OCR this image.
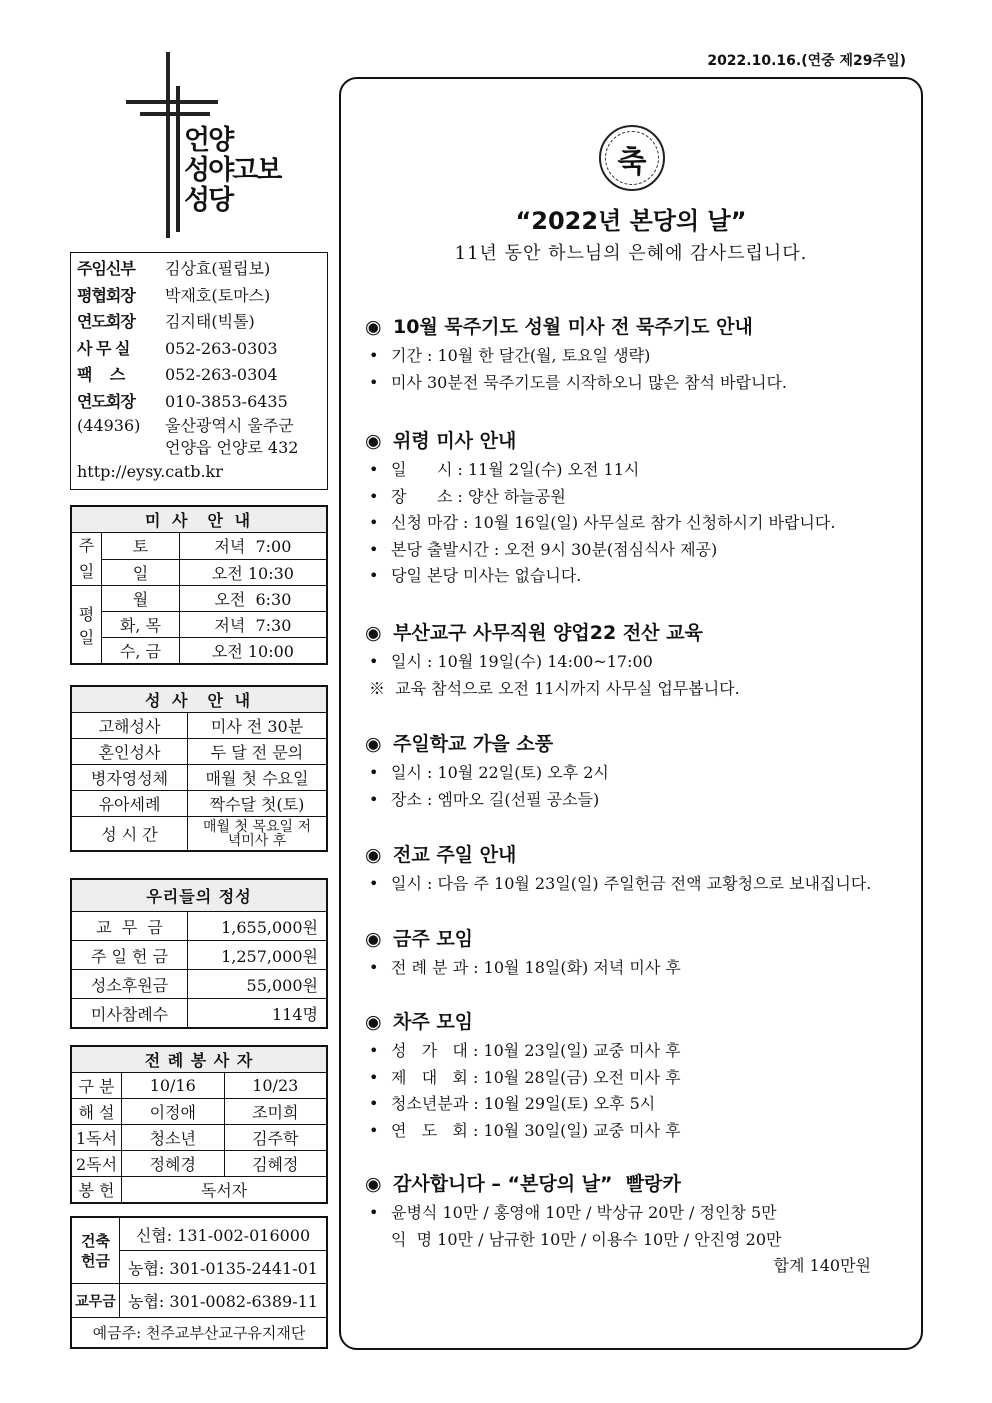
2022.10.16.(연중 제29주일)
언양
성야고보
성당
주임신부	김상효(필립보)
평협회장	박재호(토마스)
연도회장	김지태(빅톨)
사 무 실	052-263-0303
팩    스	052-263-0304
연도회장	010-3853-6435
(44936)	울산광역시 울주군
언양읍 언양로 432
http://eysy.catb.kr
미 사  안 내		
주일	토	저녁  7:00
	일	오전 10:30
평일	월	오전  6:30
	화, 목	저녁  7:30
	수, 금	오전 10:00
성 사  안 내	
고해성사	미사 전 30분
혼인성사	두 달 전 문의
병자영성체	매월 첫 수요일
유아세례	짝수달 첫(토)
성 시 간	매월 첫 목요일 저녁미사 후
우리들의 정성	
교  무  금	1,655,000원
주 일 헌 금	1,257,000원
성소후원금	55,000원
미사참례수	114명
전 례 봉 사 자		
구 분	10/16	10/23
해 설	이정애	조미희
1독서	청소년	김주학
2독서	정혜경	김혜정
봉 헌	독서자	
건축헌금	신협: 131-002-016000
	농협: 301-0135-2441-01
교무금	농협: 301-0082-6389-11
예금주: 천주교부산교구유지재단	
축
“2022년 본당의 날”
11년 동안 하느님의 은혜에 감사드립니다.
◉ 10월 묵주기도 성월 미사 전 묵주기도 안내
• 기간 : 10월 한 달간(월, 토요일 생략)
• 미사 30분전 묵주기도를 시작하오니 많은 참석 바랍니다.
◉ 위령 미사 안내
• 일      시 : 11월 2일(수) 오전 11시
• 장      소 : 양산 하늘공원
• 신청 마감 : 10월 16일(일) 사무실로 참가 신청하시기 바랍니다.
• 본당 출발시간 : 오전 9시 30분(점심식사 제공)
• 당일 본당 미사는 없습니다.
◉ 부산교구 사무직원 양업22 전산 교육
• 일시 : 10월 19일(수) 14:00~17:00
※  교육 참석으로 오전 11시까지 사무실 업무봅니다.
◉ 주일학교 가을 소풍
• 일시 : 10월 22일(토) 오후 2시
• 장소 : 엠마오 길(선필 공소들)
◉ 전교 주일 안내
• 일시 : 다음 주 10월 23일(일) 주일헌금 전액 교황청으로 보내집니다.
◉ 금주 모임
• 전 례 분 과 : 10월 18일(화) 저녁 미사 후
◉ 차주 모임
• 성   가   대 : 10월 23일(일) 교중 미사 후
• 제   대   회 : 10월 28일(금) 오전 미사 후
• 청소년분과 : 10월 29일(토) 오후 5시
• 연   도   회 : 10월 30일(일) 교중 미사 후
◉ 감사합니다 – “본당의 날”  빨랑카
• 윤병식 10만 / 홍영애 10만 / 박상규 20만 / 정인창 5만
익  명 10만 / 남규한 10만 / 이용수 10만 / 안진영 20만
합계 140만원
